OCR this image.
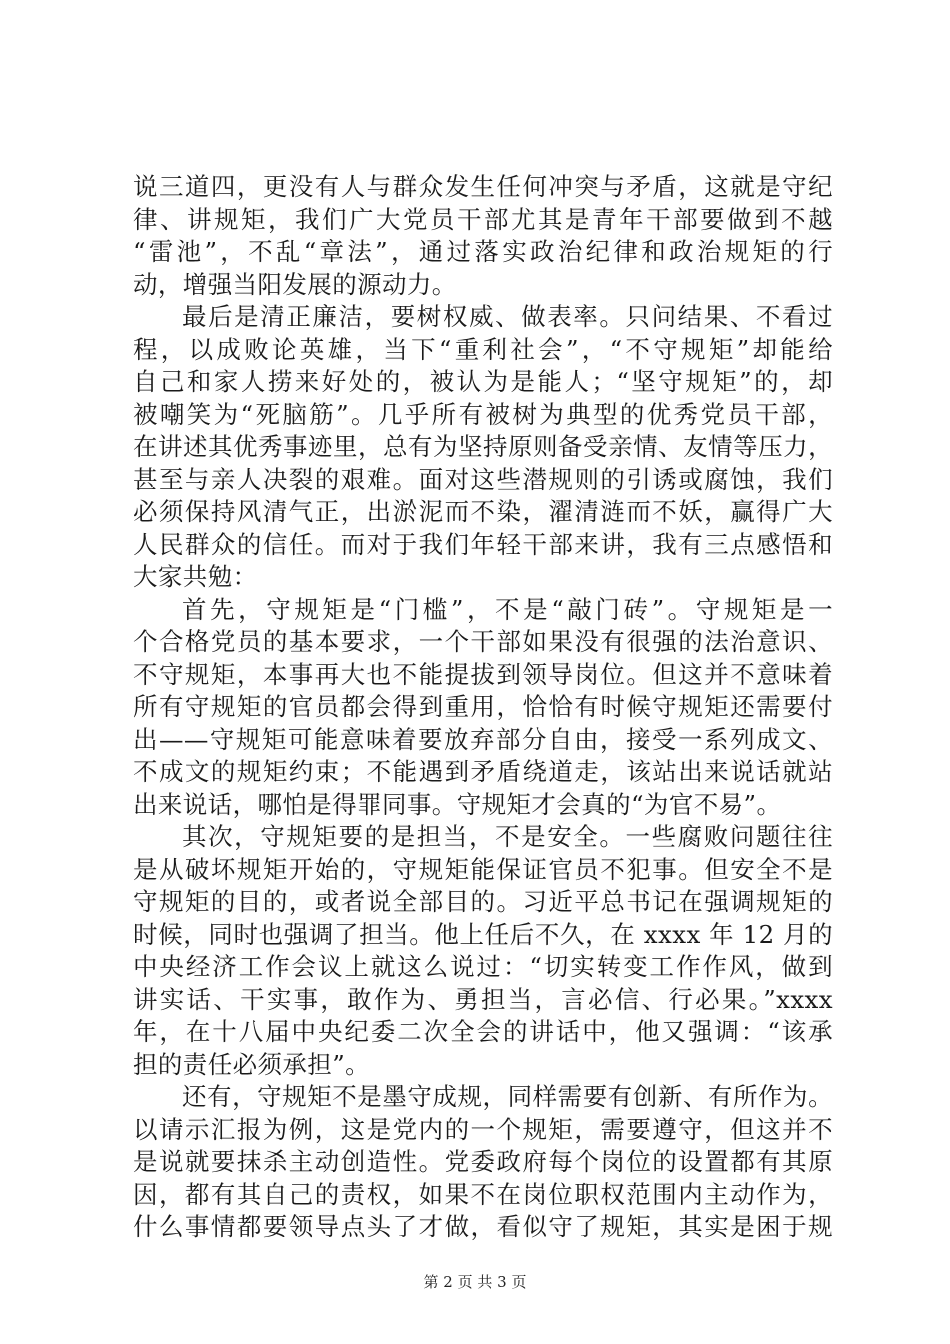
说三道四，更没有人与群众发生任何冲突与矛盾，这就是守纪
律、讲规矩，我们广大党员干部尤其是青年干部要做到不越
“雷池”，不乱“章法”，通过落实政治纪律和政治规矩的行
动，增强当阳发展的源动力。
最后是清正廉洁，要树权威、做表率。只问结果、不看过
程，以成败论英雄，当下“重利社会”，“不守规矩”却能给
自己和家人捞来好处的，被认为是能人；“坚守规矩”的，却
被嘲笑为“死脑筋”。几乎所有被树为典型的优秀党员干部，
在讲述其优秀事迹里，总有为坚持原则备受亲情、友情等压力，
甚至与亲人决裂的艰难。面对这些潜规则的引诱或腐蚀，我们
必须保持风清气正，出淤泥而不染，濯清涟而不妖，赢得广大
人民群众的信任。而对于我们年轻干部来讲，我有三点感悟和
大家共勉：
首先，守规矩是“门槛”，不是“敲门砖”。守规矩是一
个合格党员的基本要求，一个干部如果没有很强的法治意识、
不守规矩，本事再大也不能提拔到领导岗位。但这并不意味着
所有守规矩的官员都会得到重用，恰恰有时候守规矩还需要付
出——守规矩可能意味着要放弃部分自由，接受一系列成文、
不成文的规矩约束；不能遇到矛盾绕道走，该站出来说话就站
出来说话，哪怕是得罪同事。守规矩才会真的“为官不易”。
其次，守规矩要的是担当，不是安全。一些腐败问题往往
是从破坏规矩开始的，守规矩能保证官员不犯事。但安全不是
守规矩的目的，或者说全部目的。习近平总书记在强调规矩的
时候，同时也强调了担当。他上任后不久，在 xxxx 年 12 月的
中央经济工作会议上就这么说过：“切实转变工作作风，做到
讲实话、干实事，敢作为、勇担当，言必信、行必果。”xxxx
年，在十八届中央纪委二次全会的讲话中，他又强调：“该承
担的责任必须承担”。
还有，守规矩不是墨守成规，同样需要有创新、有所作为。
以请示汇报为例，这是党内的一个规矩，需要遵守，但这并不
是说就要抹杀主动创造性。党委政府每个岗位的设置都有其原
因，都有其自己的责权，如果不在岗位职权范围内主动作为，
什么事情都要领导点头了才做，看似守了规矩，其实是困于规
第 2 页 共 3 页
